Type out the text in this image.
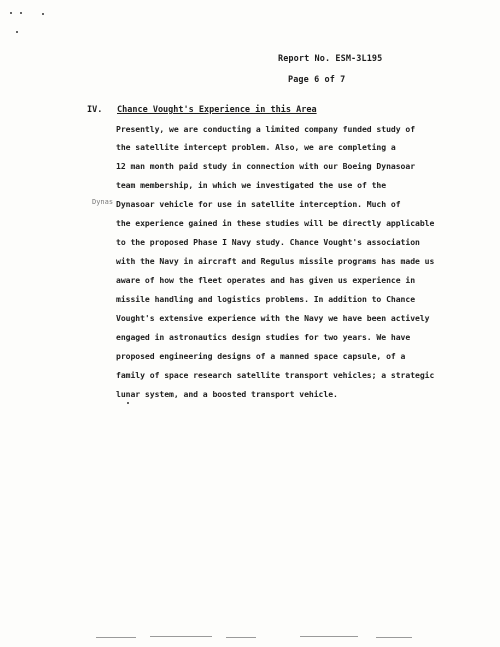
Report No. ESM-3L195
Page 6 of 7
IV. Chance Vought's Experience in this Area
Dynas
Presently, we are conducting a limited company funded study of
the satellite intercept problem. Also, we are completing a
12 man month paid study in connection with our Boeing Dynasoar
team membership, in which we investigated the use of the
Dynasoar vehicle for use in satellite interception. Much of
the experience gained in these studies will be directly applicable
to the proposed Phase I Navy study. Chance Vought's association
with the Navy in aircraft and Regulus missile programs has made us
aware of how the fleet operates and has given us experience in
missile handling and logistics problems. In addition to Chance
Vought's extensive experience with the Navy we have been actively
engaged in astronautics design studies for two years. We have
proposed engineering designs of a manned space capsule, of a
family of space research satellite transport vehicles; a strategic
lunar system, and a boosted transport vehicle.
